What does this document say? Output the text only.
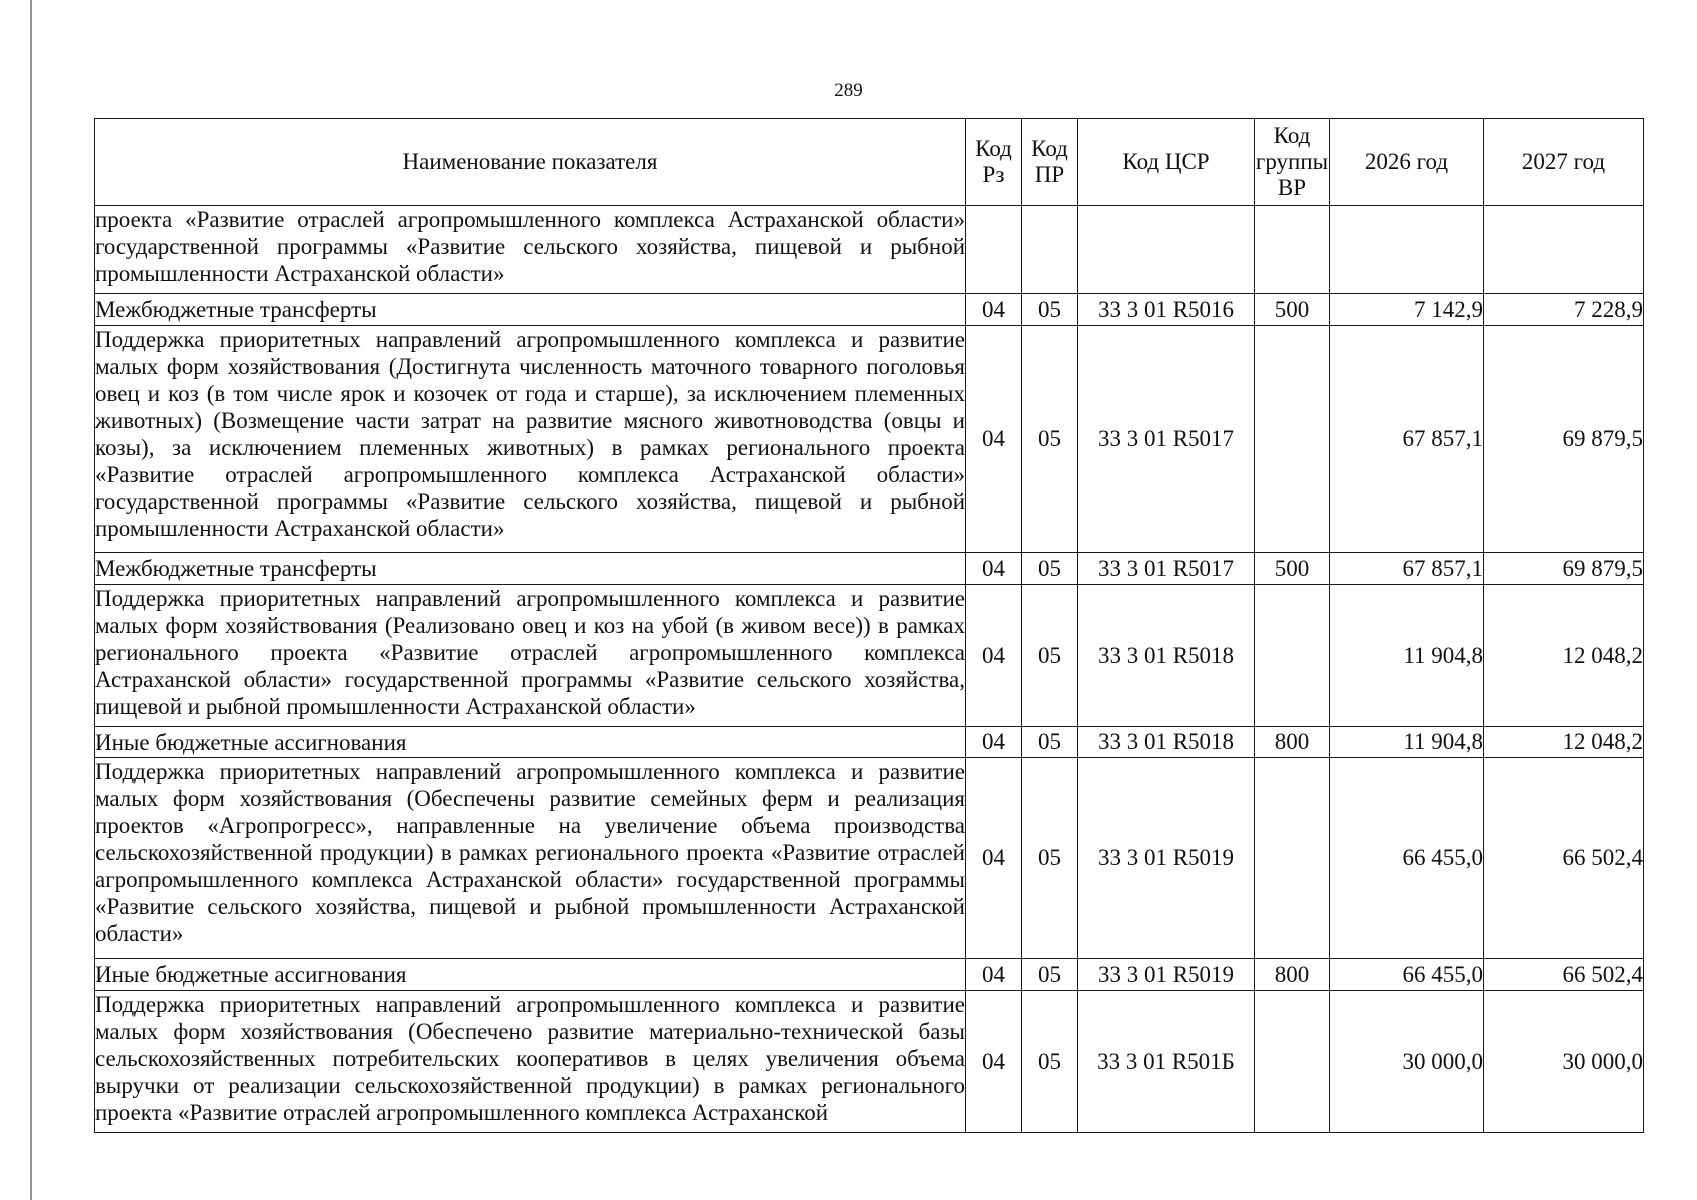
289
Наименование показателя	Код Рз	Код ПР	Код ЦСР	Код группы ВР	2026 год	2027 год
проекта «Развитие отраслей агропромышленного комплекса Астраханской области» государственной программы «Развитие сельского хозяйства, пищевой и рыбной промышленности Астраханской области»						
Межбюджетные трансферты	04	05	33 3 01 R5016	500	7 142,9	7 228,9
Поддержка приоритетных направлений агропромышленного комплекса и развитие малых форм хозяйствования (Достигнута численность маточного товарного поголовья овец и коз (в том числе ярок и козочек от года и старше), за исключением племенных животных) (Возмещение части затрат на развитие мясного животноводства (овцы и козы), за исключением племенных животных) в рамках регионального проекта «Развитие отраслей агропромышленного комплекса Астраханской области» государственной программы «Развитие сельского хозяйства, пищевой и рыбной промышленности Астраханской области»	04	05	33 3 01 R5017		67 857,1	69 879,5
Межбюджетные трансферты	04	05	33 3 01 R5017	500	67 857,1	69 879,5
Поддержка приоритетных направлений агропромышленного комплекса и развитие малых форм хозяйствования (Реализовано овец и коз на убой (в живом весе)) в рамках регионального проекта «Развитие отраслей агропромышленного комплекса Астраханской области» государственной программы «Развитие сельского хозяйства, пищевой и рыбной промышленности Астраханской области»	04	05	33 3 01 R5018		11 904,8	12 048,2
Иные бюджетные ассигнования	04	05	33 3 01 R5018	800	11 904,8	12 048,2
Поддержка приоритетных направлений агропромышленного комплекса и развитие малых форм хозяйствования (Обеспечены развитие семейных ферм и реализация проектов «Агропрогресс», направленные на увеличение объема производства сельскохозяйственной продукции) в рамках регионального проекта «Развитие отраслей агропромышленного комплекса Астраханской области» государственной программы «Развитие сельского хозяйства, пищевой и рыбной промышленности Астраханской области»	04	05	33 3 01 R5019		66 455,0	66 502,4
Иные бюджетные ассигнования	04	05	33 3 01 R5019	800	66 455,0	66 502,4
Поддержка приоритетных направлений агропромышленного комплекса и развитие малых форм хозяйствования (Обеспечено развитие материально-технической базы сельскохозяйственных потребительских кооперативов в целях увеличения объема выручки от реализации сельскохозяйственной продукции) в рамках регионального проекта «Развитие отраслей агропромышленного комплекса Астраханской	04	05	33 3 01 R501Б		30 000,0	30 000,0
